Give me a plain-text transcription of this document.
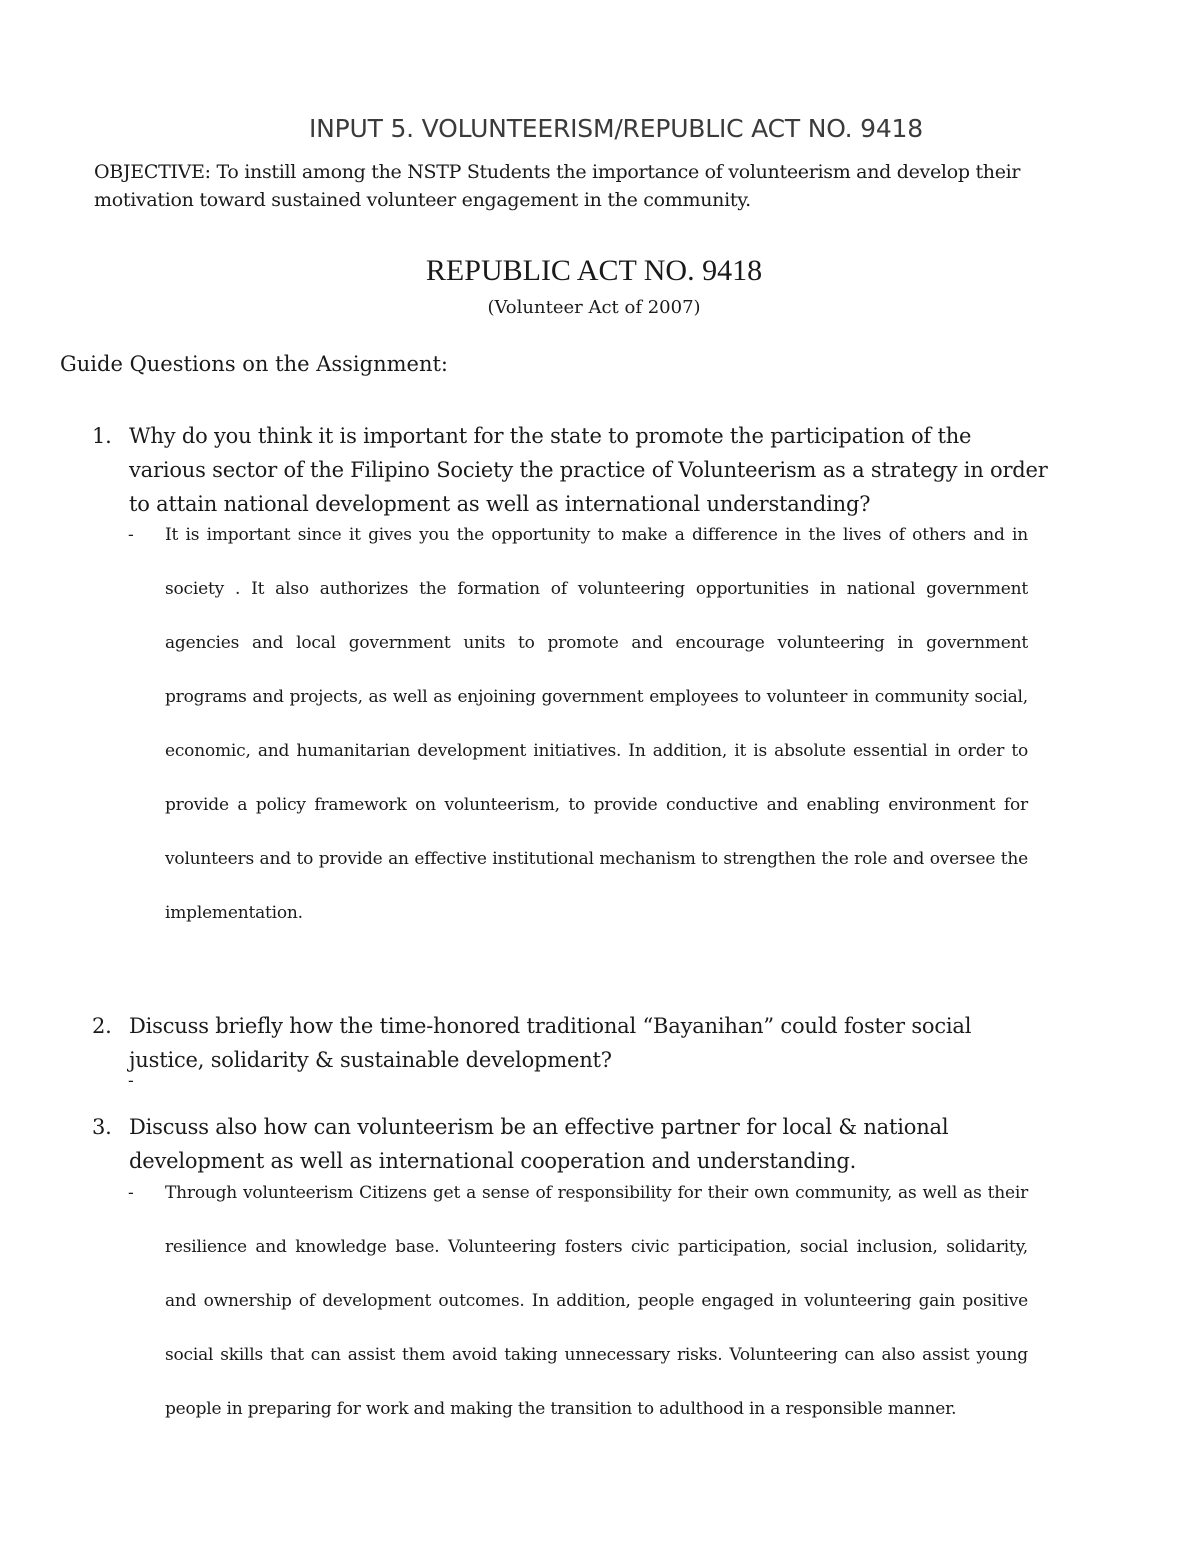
INPUT 5. VOLUNTEERISM/REPUBLIC ACT NO. 9418
OBJECTIVE: To instill among the NSTP Students the importance of volunteerism and develop their motivation toward sustained volunteer engagement in the community.
REPUBLIC ACT NO. 9418
(Volunteer Act of 2007)
Guide Questions on the Assignment:
1. Why do you think it is important for the state to promote the participation of the various sector of the Filipino Society the practice of Volunteerism as a strategy in order to attain national development as well as international understanding?
- It is important since it gives you the opportunity to make a difference in the lives of others and in society . It also authorizes the formation of volunteering opportunities in national government agencies and local government units to promote and encourage volunteering in government programs and projects, as well as enjoining government employees to volunteer in community social, economic, and humanitarian development initiatives. In addition, it is absolute essential in order to provide a policy framework on volunteerism, to provide conductive and enabling environment for volunteers and to provide an effective institutional mechanism to strengthen the role and oversee the implementation.
2. Discuss briefly how the time-honored traditional “Bayanihan” could foster social justice, solidarity & sustainable development?
-
3. Discuss also how can volunteerism be an effective partner for local & national development as well as international cooperation and understanding.
- Through volunteerism Citizens get a sense of responsibility for their own community, as well as their resilience and knowledge base. Volunteering fosters civic participation, social inclusion, solidarity, and ownership of development outcomes. In addition, people engaged in volunteering gain positive social skills that can assist them avoid taking unnecessary risks. Volunteering can also assist young people in preparing for work and making the transition to adulthood in a responsible manner.
